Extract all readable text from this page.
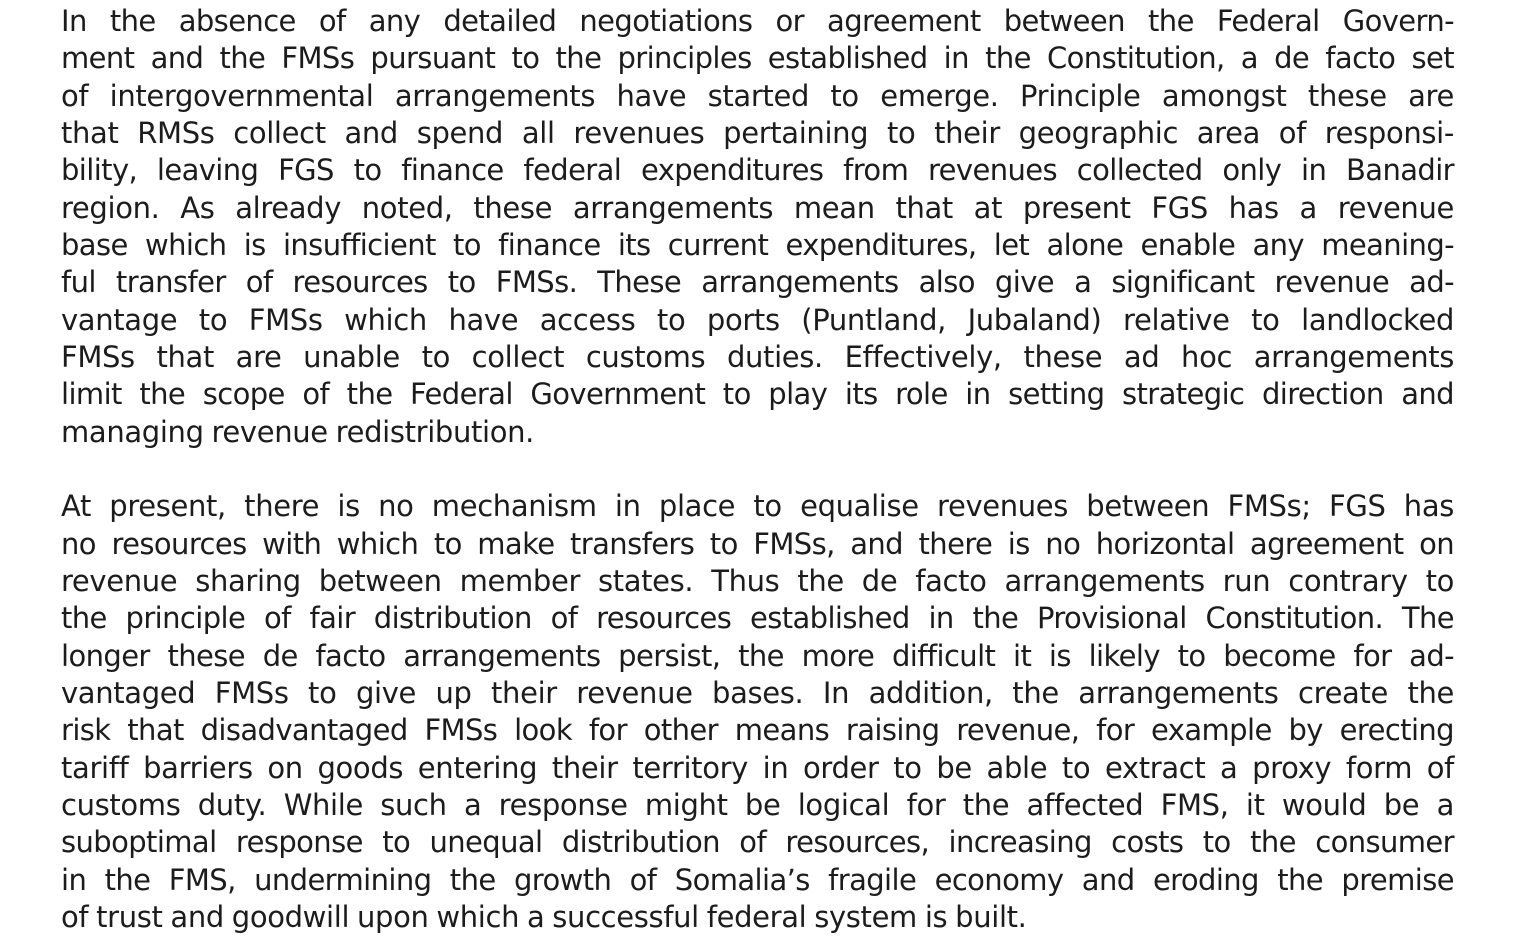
In the absence of any detailed negotiations or agreement between the Federal Govern-

ment and the FMSs pursuant to the principles established in the Constitution, a de facto set

of intergovernmental arrangements have started to emerge. Principle amongst these are

that RMSs collect and spend all revenues pertaining to their geographic area of responsi-

bility, leaving FGS to finance federal expenditures from revenues collected only in Banadir

region. As already noted, these arrangements mean that at present FGS has a revenue

base which is insufficient to finance its current expenditures, let alone enable any meaning-

ful transfer of resources to FMSs. These arrangements also give a significant revenue ad-

vantage to FMSs which have access to ports (Puntland, Jubaland) relative to landlocked

FMSs that are unable to collect customs duties. Effectively, these ad hoc arrangements

limit the scope of the Federal Government to play its role in setting strategic direction and

managing revenue redistribution.

At present, there is no mechanism in place to equalise revenues between FMSs; FGS has

no resources with which to make transfers to FMSs, and there is no horizontal agreement on

revenue sharing between member states. Thus the de facto arrangements run contrary to

the principle of fair distribution of resources established in the Provisional Constitution. The

longer these de facto arrangements persist, the more difficult it is likely to become for ad-

vantaged FMSs to give up their revenue bases. In addition, the arrangements create the

risk that disadvantaged FMSs look for other means raising revenue, for example by erecting

tariff barriers on goods entering their territory in order to be able to extract a proxy form of

customs duty. While such a response might be logical for the affected FMS, it would be a

suboptimal response to unequal distribution of resources, increasing costs to the consumer

in the FMS, undermining the growth of Somalia’s fragile economy and eroding the premise

of trust and goodwill upon which a successful federal system is built.
